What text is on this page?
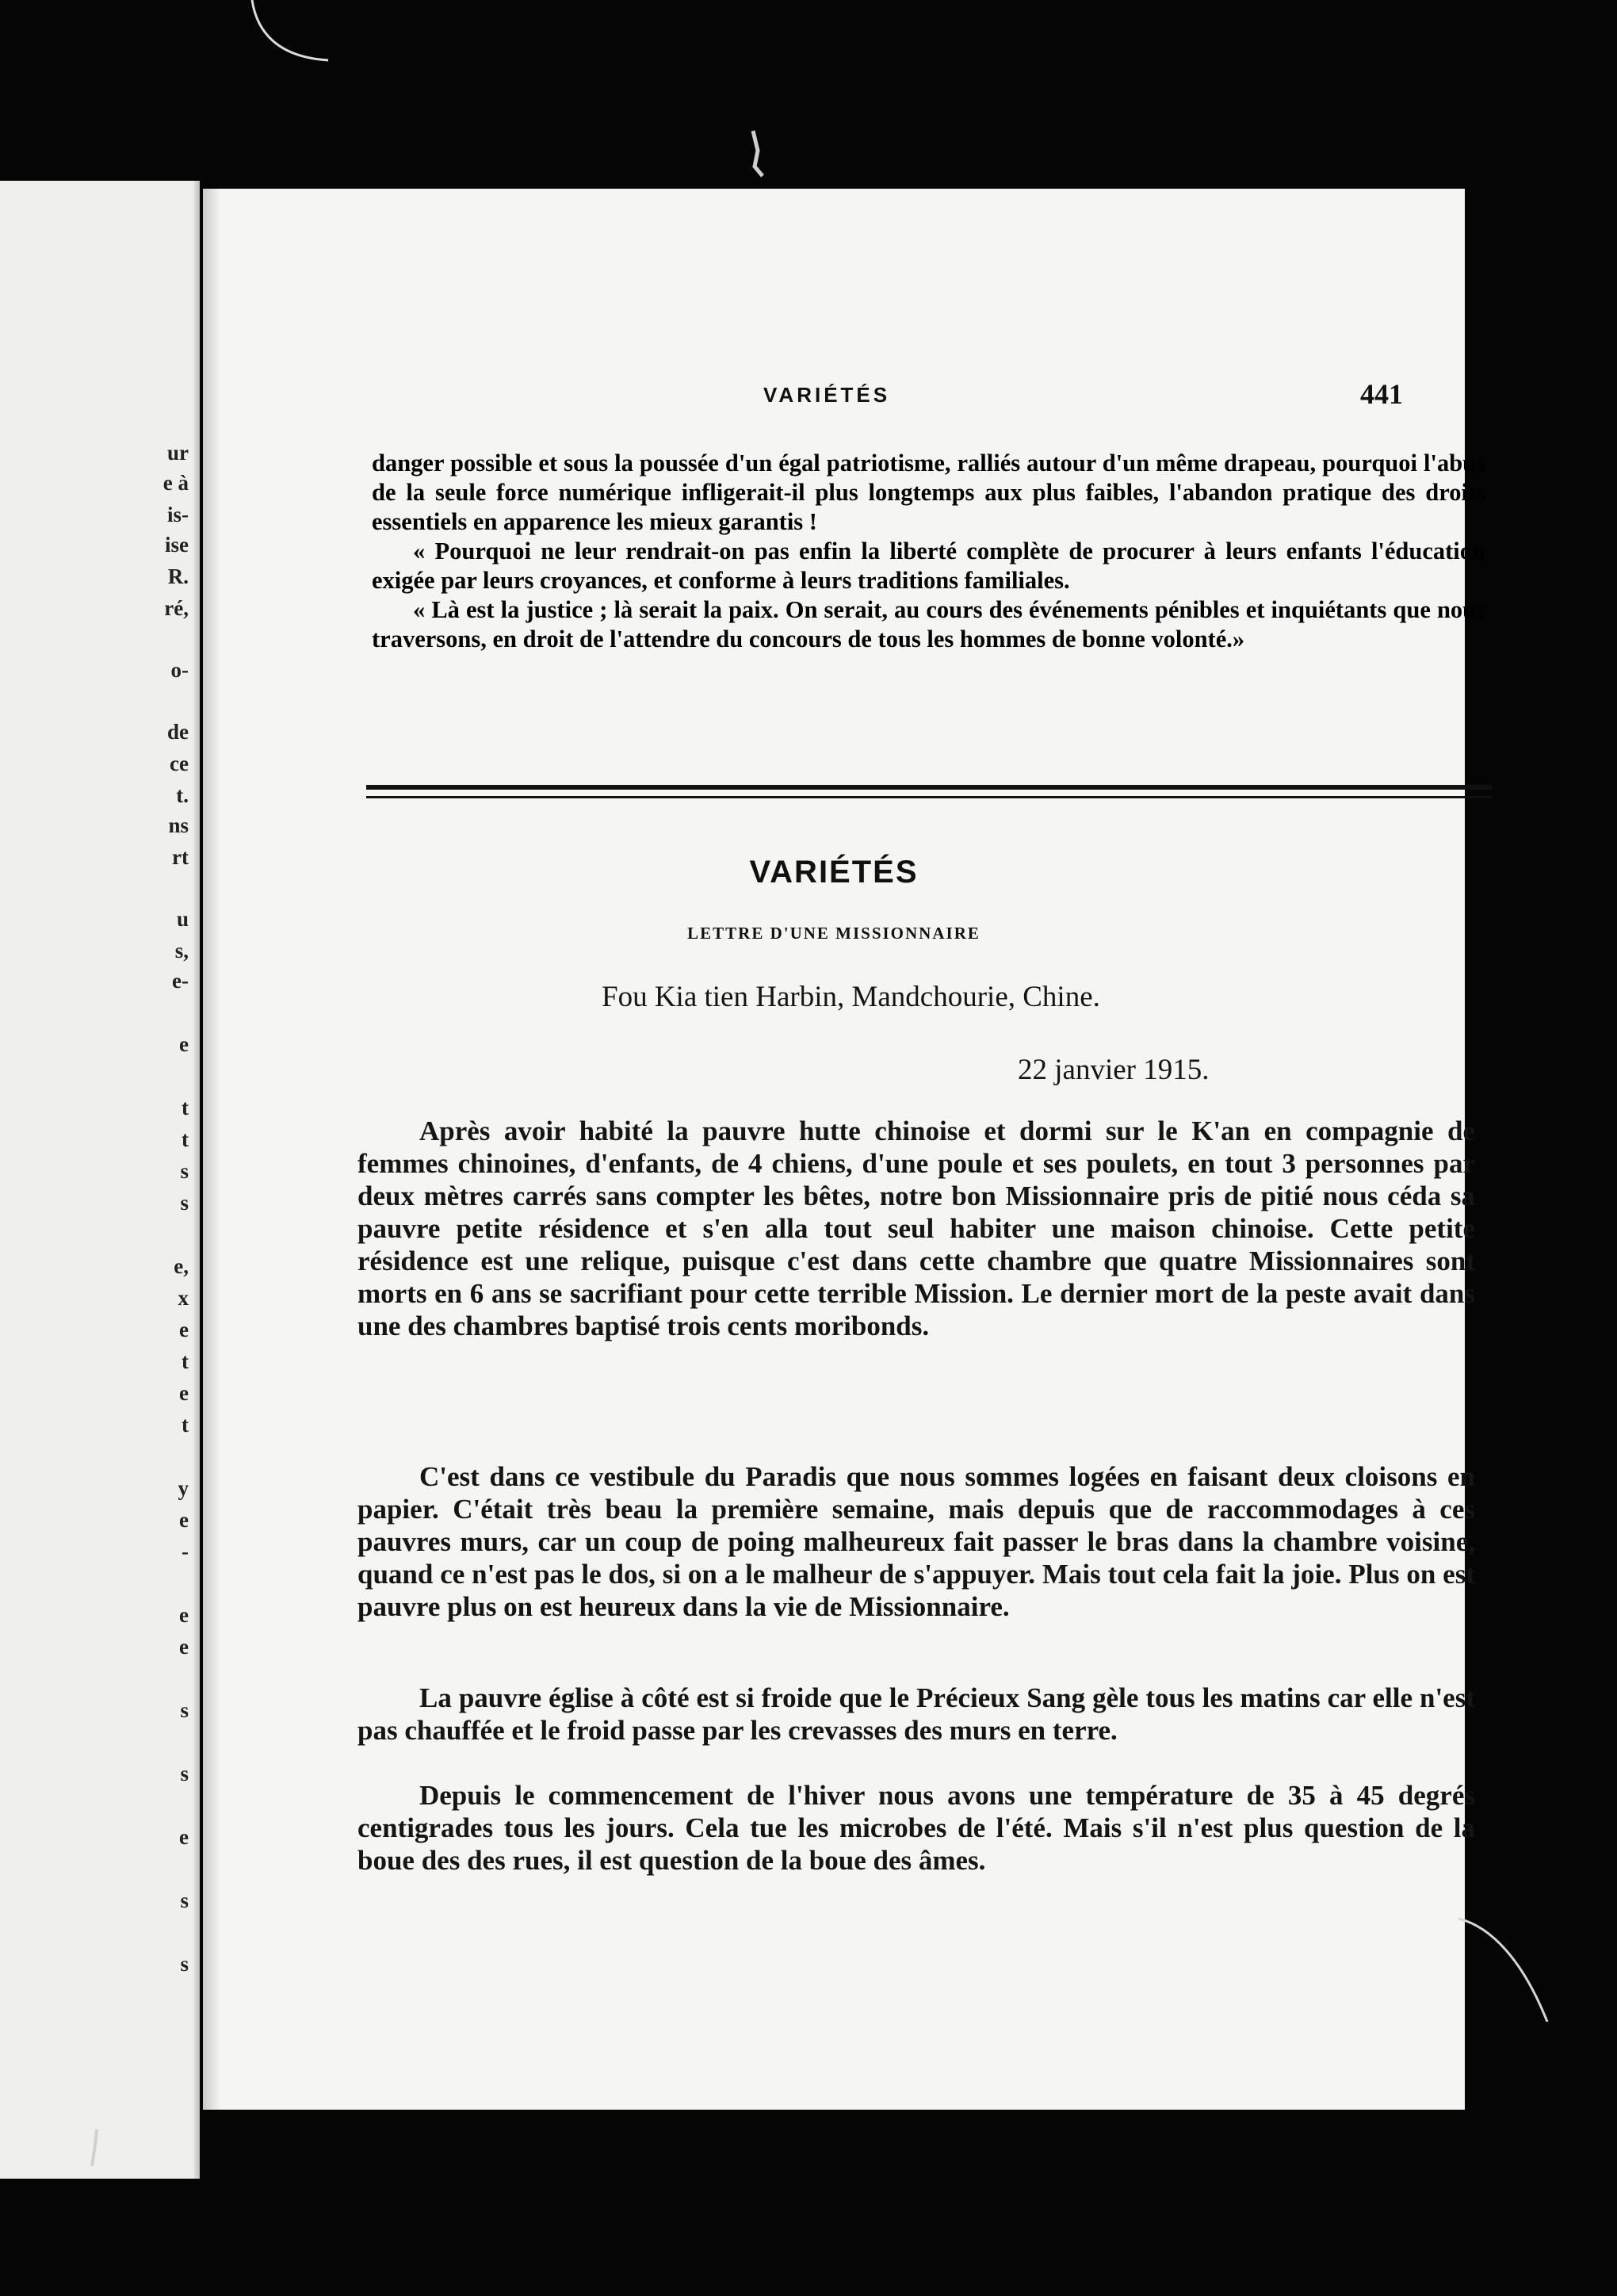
ur
e à
is-
ise
R.
ré,
o-
de
ce
t.
ns
rt
u
s,
e-
e
t
t
s
s
e,
x
e
t
e
t
y
e
-
e
e
s
s
e
s
s
VARIÉTÉS	441

danger possible et sous la poussée d'un égal patriotisme, ralliés autour d'un même drapeau, pourquoi l'abus de la seule force numérique infligerait-il plus longtemps aux plus faibles, l'abandon pratique des droits essentiels en apparence les mieux garantis !

« Pourquoi ne leur rendrait-on pas enfin la liberté complète de procurer à leurs enfants l'éducation exigée par leurs croyances, et conforme à leurs traditions familiales.

« Là est la justice ; là serait la paix. On serait, au cours des événements pénibles et inquiétants que nous traversons, en droit de l'attendre du concours de tous les hommes de bonne volonté.»

VARIÉTÉS
LETTRE D'UNE MISSIONNAIRE
Fou Kia tien Harbin, Mandchourie, Chine.
22 janvier 1915.

Après avoir habité la pauvre hutte chinoise et dormi sur le K'an en compagnie de femmes chinoines, d'enfants, de 4 chiens, d'une poule et ses poulets, en tout 3 personnes par deux mètres carrés sans compter les bêtes, notre bon Missionnaire pris de pitié nous céda sa pauvre petite résidence et s'en alla tout seul habiter une maison chinoise. Cette petite résidence est une relique, puisque c'est dans cette chambre que quatre Missionnaires sont morts en 6 ans se sacrifiant pour cette terrible Mission. Le dernier mort de la peste avait dans une des chambres baptisé trois cents moribonds.

C'est dans ce vestibule du Paradis que nous sommes logées en faisant deux cloisons en papier. C'était très beau la première semaine, mais depuis que de raccommodages à ces pauvres murs, car un coup de poing malheureux fait passer le bras dans la chambre voisine, quand ce n'est pas le dos, si on a le malheur de s'appuyer. Mais tout cela fait la joie. Plus on est pauvre plus on est heureux dans la vie de Missionnaire.

La pauvre église à côté est si froide que le Précieux Sang gèle tous les matins car elle n'est pas chauffée et le froid passe par les crevasses des murs en terre.

Depuis le commencement de l'hiver nous avons une température de 35 à 45 degrés centigrades tous les jours. Cela tue les microbes de l'été. Mais s'il n'est plus question de la boue des des rues, il est question de la boue des âmes.
